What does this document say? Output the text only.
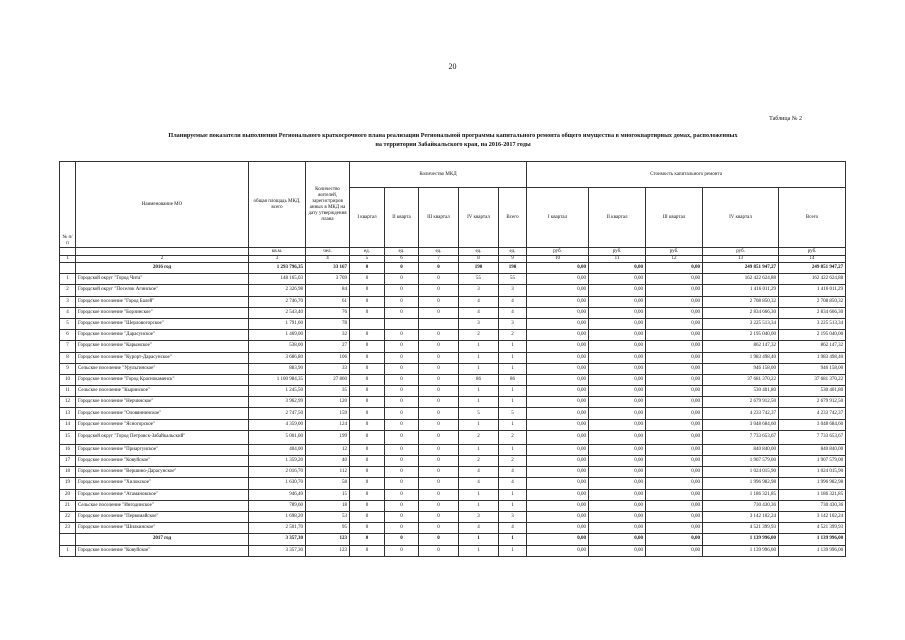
20
Таблица № 2
Планируемые показатели выполнения Регионального краткосрочного плана реализации Региональной программы капитального ремонта общего имущества в многоквартирных домах, расположенных
на территории Забайкальского края, на 2016-2017 годы
№ п/п	Наименование МО	общая площадь МКД, всего	Количество жителей, зарегистриров анных в МКД на дату утверждения плана	Количество МКД					Стоимость капитального ремонта				
				I квартал	II кварта	III квартал	IV квартал	Всего	I квартал	II квартал	III квартал	IV квартал	Всего
		кв.м.	чел.	ед.	ед.	ед.	ед.	ед.	руб.	руб.	руб.	руб.	руб.
1	2	3	4	5	6	7	8	9	10	11	12	13	14
	2016 год	1 293 796,35	33 167	0	0	0	190	190	0,00	0,00	0,00	249 851 947,27	249 851 947,27
1	Городской округ "Город Чита"	148 165,03	3 769	0	0	0	55	55	0,00	0,00	0,00	162 422 624,88	162 422 624,88
2	Городской округ "Поселок Агинское"	2 326,98	84	0	0	0	3	3	0,00	0,00	0,00	1 416 011,29	1 416 011,29
3	Городское поселение "Город Балей"	2 746,70	61	0	0	0	4	4	0,00	0,00	0,00	2 708 850,32	2 708 850,32
4	Городское поселение "Борзинское"	2 543,40	76	0	0	0	4	4	0,00	0,00	0,00	2 834 666,30	2 834 666,30
5	Городское поселение "Шерловогорское"	1 791,60	78				3	3	0,00	0,00	0,00	3 225 513,34	3 225 513,34
6	Городское поселение "Дарасунское"	1 469,00	32	0	0	0	2	2	0,00	0,00	0,00	2 195 040,00	2 195 040,00
7	Городское поселение "Карымское"	538,00	27	0	0	0	1	1	0,00	0,00	0,00	862 147,32	862 147,32
8	Городское поселение "Курорт-Дарасунское"	3 686,80	106	0	0	0	1	1	0,00	0,00	0,00	1 983 498,40	1 983 498,40
9	Сельское поселение "Урульгинское"	883,90	33	0	0	0	1	1	0,00	0,00	0,00	946 158,00	946 158,00
10	Городское поселение "Город Краснокаменск"	1 100 984,35	27 860	0	0	0	86	86	0,00	0,00	0,00	37 681 370,22	37 681 370,22
11	Сельское поселение "Кыринское"	1 245,50	35	0	0	0	1	1	0,00	0,00	0,00	530 401,80	530 401,80
12	Городское поселение "Нерчинское"	3 962,99	120	0	0	0	1	1	0,00	0,00	0,00	2 679 912,50	2 679 912,50
13	Городское поселение "Оловяннинское"	2 747,50	159	0	0	0	5	5	0,00	0,00	0,00	4 233 742,37	4 233 742,37
14	Городское поселение "Ясногорское"	4 359,00	124	0	0	0	1	1	0,00	0,00	0,00	3 048 684,60	3 048 684,60
15	Городской округ "Город Петровск-Забайкальский"	5 001,00	199	0	0	0	2	2	0,00	0,00	0,00	7 733 653,67	7 733 653,67
16	Городское поселение "Приаргунское"	404,00	12	0	0	0	1	1	0,00	0,00	0,00	840 840,00	840 840,00
17	Городское поселение "Ковуйское"	1 359,20	40	0	0	0	2	2	0,00	0,00	0,00	1 907 579,00	1 907 579,00
18	Городское поселение "Вершино-Дарасунское"	2 016,70	112	0	0	0	4	4	0,00	0,00	0,00	1 024 015,90	1 024 015,90
19	Городское поселение "Хилокское"	1 630,70	58	0	0	0	4	4	0,00	0,00	0,00	1 996 982,98	1 996 982,98
20	Городское поселение "Атамановское"	946,40	15	0	0	0	1	1	0,00	0,00	0,00	1 186 321,85	1 186 321,85
21	Сельское поселение "Ингодинское"	789,60	18	0	0	0	1	1	0,00	0,00	0,00	730 430,36	730 430,36
22	Городское поселение "Первомайское"	1 698,20	53	0	0	0	3	3	0,00	0,00	0,00	3 142 102,24	3 142 102,24
23	Городское поселение "Шилкинское"	2 501,70	95	0	0	0	4	4	0,00	0,00	0,00	4 521 399,93	4 521 399,93
	2017 год	3 357,30	123	0	0	0	1	1	0,00	0,00	0,00	1 139 996,00	1 139 996,00
1	Городское поселение "Ковуйское"	3 357,30	123	0	0	0	1	1	0,00	0,00	0,00	1 139 996,00	1 139 996,00
